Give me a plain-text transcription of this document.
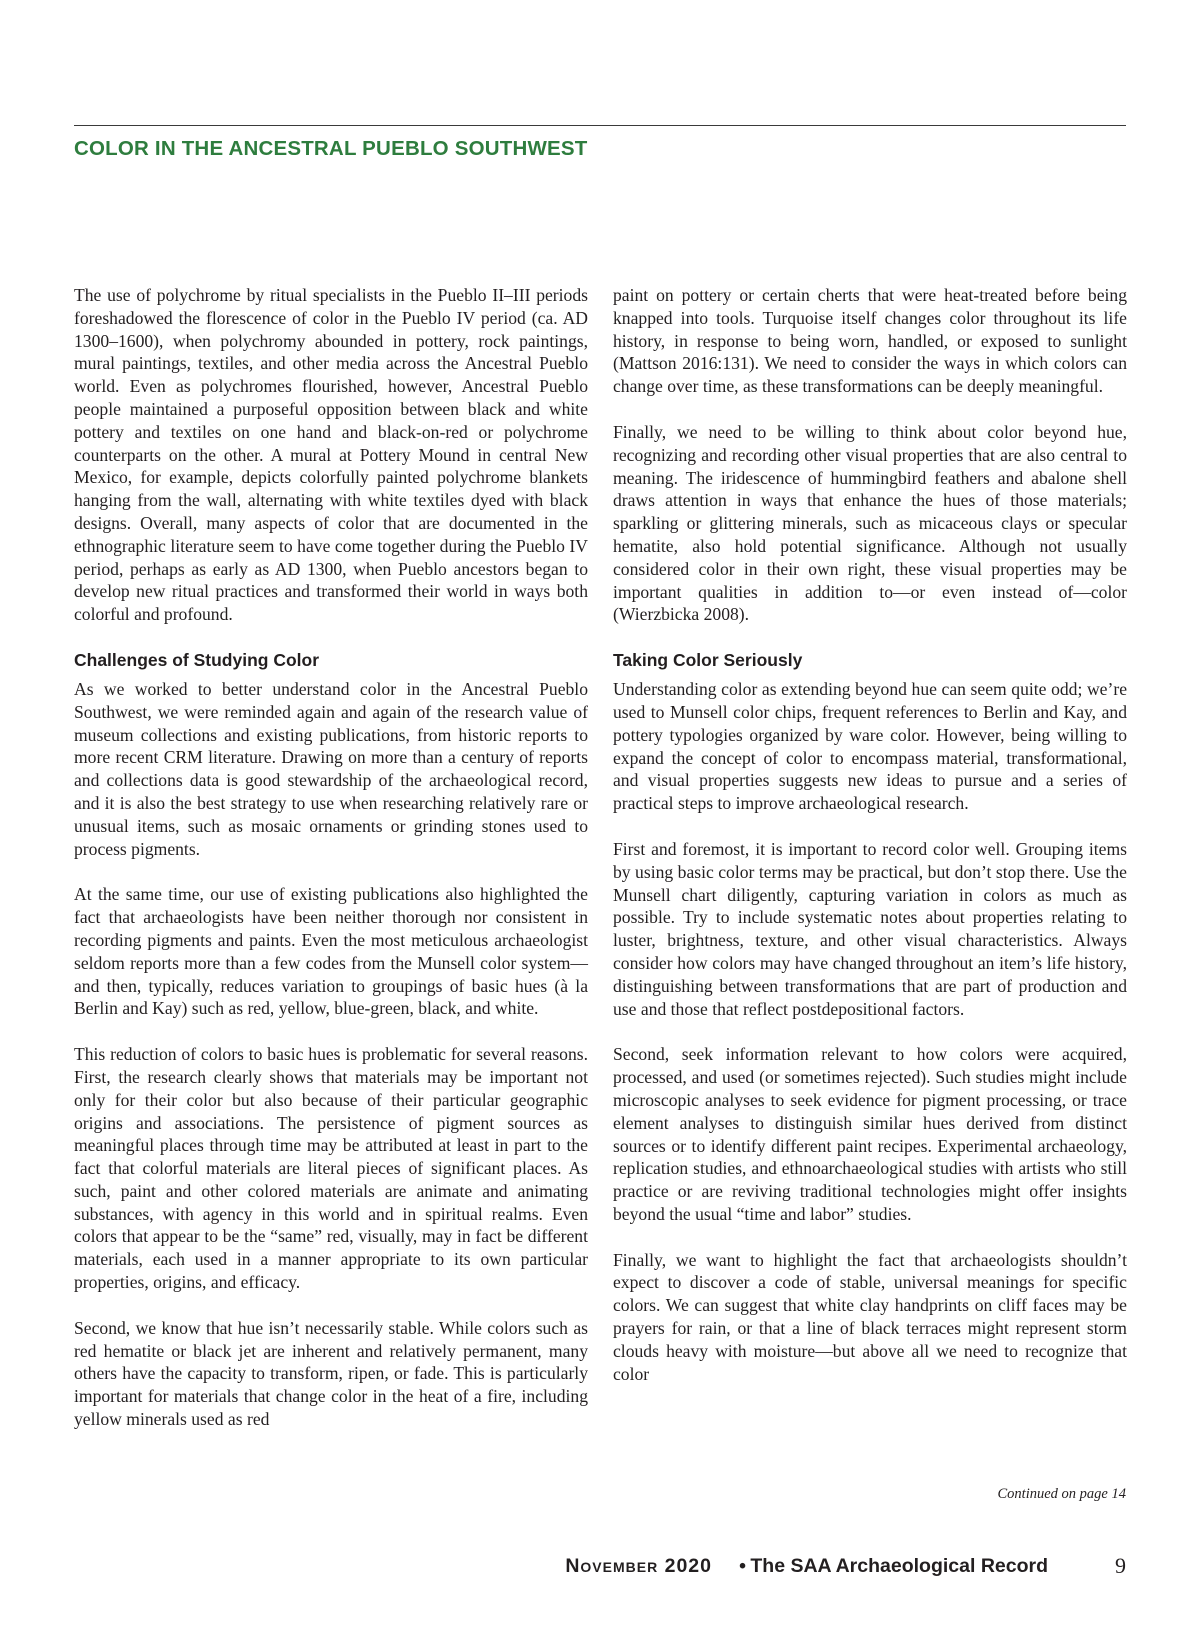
COLOR IN THE ANCESTRAL PUEBLO SOUTHWEST

The use of polychrome by ritual specialists in the Pueblo II–III periods foreshadowed the florescence of color in the Pueblo IV period (ca. AD 1300–1600), when polychromy abounded in pottery, rock paintings, mural paintings, textiles, and other media across the Ancestral Pueblo world. Even as polychromes flourished, however, Ancestral Pueblo people maintained a purposeful opposition between black and white pottery and textiles on one hand and black-on-red or polychrome counterparts on the other. A mural at Pottery Mound in central New Mexico, for example, depicts colorfully painted polychrome blankets hanging from the wall, alternating with white textiles dyed with black designs. Overall, many aspects of color that are documented in the ethnographic literature seem to have come together during the Pueblo IV period, perhaps as early as AD 1300, when Pueblo ancestors began to develop new ritual practices and transformed their world in ways both colorful and profound.

Challenges of Studying Color

As we worked to better understand color in the Ancestral Pueblo Southwest, we were reminded again and again of the research value of museum collections and existing publications, from historic reports to more recent CRM literature. Drawing on more than a century of reports and collections data is good stewardship of the archaeological record, and it is also the best strategy to use when researching relatively rare or unusual items, such as mosaic ornaments or grinding stones used to process pigments.

At the same time, our use of existing publications also highlighted the fact that archaeologists have been neither thorough nor consistent in recording pigments and paints. Even the most meticulous archaeologist seldom reports more than a few codes from the Munsell color system—and then, typically, reduces variation to groupings of basic hues (à la Berlin and Kay) such as red, yellow, blue-green, black, and white.

This reduction of colors to basic hues is problematic for several reasons. First, the research clearly shows that materials may be important not only for their color but also because of their particular geographic origins and associations. The persistence of pigment sources as meaningful places through time may be attributed at least in part to the fact that colorful materials are literal pieces of significant places. As such, paint and other colored materials are animate and animating substances, with agency in this world and in spiritual realms. Even colors that appear to be the “same” red, visually, may in fact be different materials, each used in a manner appropriate to its own particular properties, origins, and efficacy.

Second, we know that hue isn’t necessarily stable. While colors such as red hematite or black jet are inherent and relatively permanent, many others have the capacity to transform, ripen, or fade. This is particularly important for materials that change color in the heat of a fire, including yellow minerals used as red

paint on pottery or certain cherts that were heat-treated before being knapped into tools. Turquoise itself changes color throughout its life history, in response to being worn, handled, or exposed to sunlight (Mattson 2016:131). We need to consider the ways in which colors can change over time, as these transformations can be deeply meaningful.

Finally, we need to be willing to think about color beyond hue, recognizing and recording other visual properties that are also central to meaning. The iridescence of hummingbird feathers and abalone shell draws attention in ways that enhance the hues of those materials; sparkling or glittering minerals, such as micaceous clays or specular hematite, also hold potential significance. Although not usually considered color in their own right, these visual properties may be important qualities in addition to—or even instead of—color (Wierzbicka 2008).

Taking Color Seriously

Understanding color as extending beyond hue can seem quite odd; we’re used to Munsell color chips, frequent references to Berlin and Kay, and pottery typologies organized by ware color. However, being willing to expand the concept of color to encompass material, transformational, and visual properties suggests new ideas to pursue and a series of practical steps to improve archaeological research.

First and foremost, it is important to record color well. Grouping items by using basic color terms may be practical, but don’t stop there. Use the Munsell chart diligently, capturing variation in colors as much as possible. Try to include systematic notes about properties relating to luster, brightness, texture, and other visual characteristics. Always consider how colors may have changed throughout an item’s life history, distinguishing between transformations that are part of production and use and those that reflect postdepositional factors.

Second, seek information relevant to how colors were acquired, processed, and used (or sometimes rejected). Such studies might include microscopic analyses to seek evidence for pigment processing, or trace element analyses to distinguish similar hues derived from distinct sources or to identify different paint recipes. Experimental archaeology, replication studies, and ethnoarchaeological studies with artists who still practice or are reviving traditional technologies might offer insights beyond the usual “time and labor” studies.

Finally, we want to highlight the fact that archaeologists shouldn’t expect to discover a code of stable, universal meanings for specific colors. We can suggest that white clay handprints on cliff faces may be prayers for rain, or that a line of black terraces might represent storm clouds heavy with moisture—but above all we need to recognize that color

Continued on page 14
November 2020 • The SAA Archaeological Record	9
